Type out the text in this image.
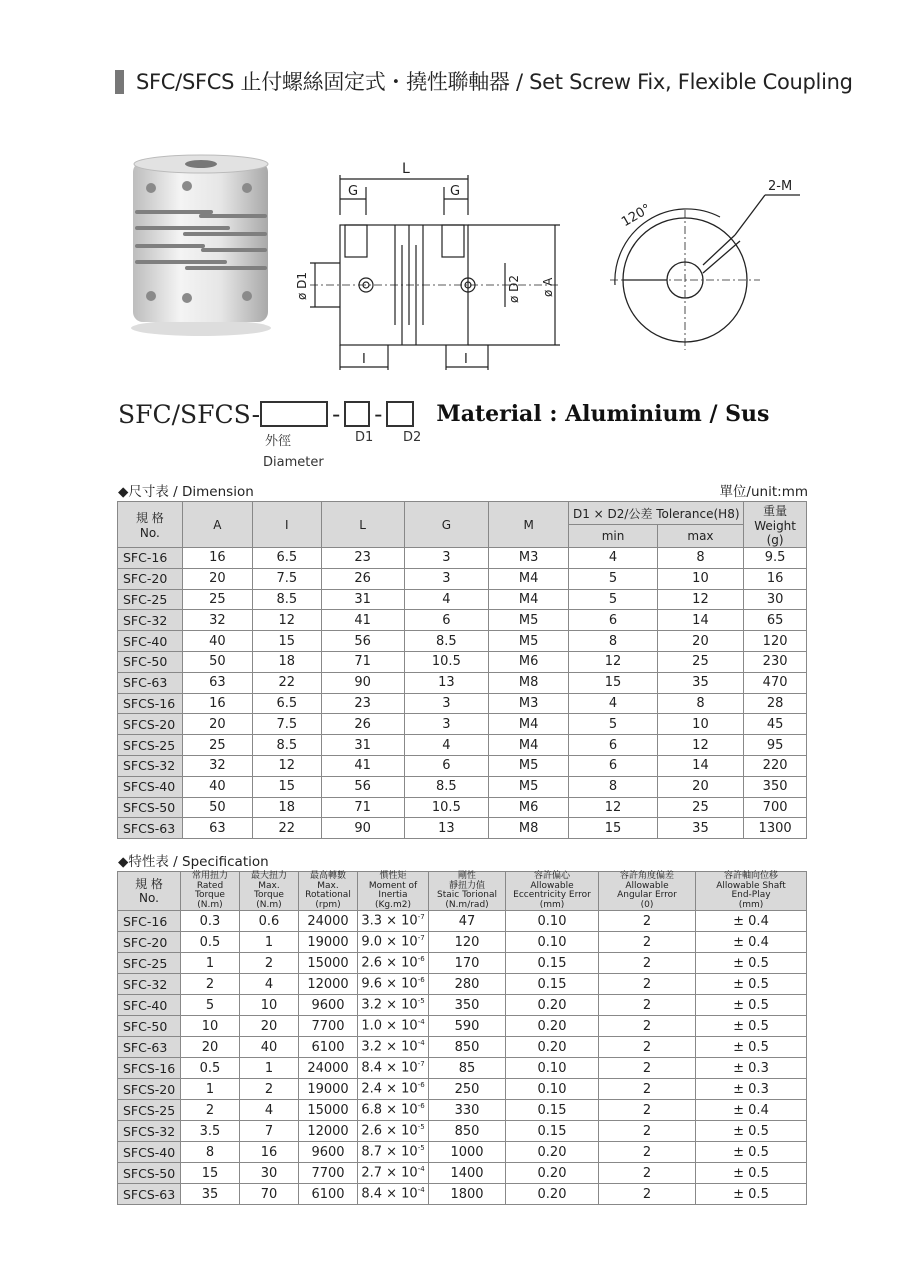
SFC/SFCS 止付螺絲固定式・撓性聯軸器 / Set Screw Fix, Flexible Coupling
L
G	G
ø D1	ø D2 ø A
I	I
120°
2-M
SFC/SFCS-	- - Material : Aluminium / Sus
外徑
Diameter
D1 D2
◆尺寸表 / Dimension	單位/unit:mm
規 格
No.	A	I	L	G	M	D1 × D2/公差 Tolerance(H8)		重量
Weight
(g)
						min	max	
SFC-16	16	6.5	23	3	M3	4	8	9.5
SFC-20	20	7.5	26	3	M4	5	10	16
SFC-25	25	8.5	31	4	M4	5	12	30
SFC-32	32	12	41	6	M5	6	14	65
SFC-40	40	15	56	8.5	M5	8	20	120
SFC-50	50	18	71	10.5	M6	12	25	230
SFC-63	63	22	90	13	M8	15	35	470
SFCS-16	16	6.5	23	3	M3	4	8	28
SFCS-20	20	7.5	26	3	M4	5	10	45
SFCS-25	25	8.5	31	4	M4	6	12	95
SFCS-32	32	12	41	6	M5	6	14	220
SFCS-40	40	15	56	8.5	M5	8	20	350
SFCS-50	50	18	71	10.5	M6	12	25	700
SFCS-63	63	22	90	13	M8	15	35	1300
◆特性表 / Specification
規 格
No.	常用扭力
Rated
Torque
(N.m)	最大扭力
Max.
Torque
(N.m)	最高轉數
Max.
Rotational
(rpm)	慣性矩
Moment of
Inertia
(Kg.m2)	剛性
靜扭力值
Staic Torional
(N.m/rad)	容許偏心
Allowable
Eccentricity Error
(mm)	容許角度偏差
Allowable
Angular Error
(0)	容許軸向位移
Allowable Shaft
End-Play
(mm)
SFC-16	0.3	0.6	24000	$3.3 \times 10^{-7}$	47	0.10	2	± 0.4
SFC-20	0.5	1	19000	$9.0 \times 10^{-7}$	120	0.10	2	± 0.4
SFC-25	1	2	15000	$2.6 \times 10^{-6}$	170	0.15	2	± 0.5
SFC-32	2	4	12000	$9.6 \times 10^{-6}$	280	0.15	2	± 0.5
SFC-40	5	10	9600	$3.2 \times 10^{-5}$	350	0.20	2	± 0.5
SFC-50	10	20	7700	$1.0 \times 10^{-4}$	590	0.20	2	± 0.5
SFC-63	20	40	6100	$3.2 \times 10^{-4}$	850	0.20	2	± 0.5
SFCS-16	0.5	1	24000	$8.4 \times 10^{-7}$	85	0.10	2	± 0.3
SFCS-20	1	2	19000	$2.4 \times 10^{-6}$	250	0.10	2	± 0.3
SFCS-25	2	4	15000	$6.8 \times 10^{-6}$	330	0.15	2	± 0.4
SFCS-32	3.5	7	12000	$2.6 \times 10^{-5}$	850	0.15	2	± 0.5
SFCS-40	8	16	9600	$8.7 \times 10^{-5}$	1000	0.20	2	± 0.5
SFCS-50	15	30	7700	$2.7 \times 10^{-4}$	1400	0.20	2	± 0.5
SFCS-63	35	70	6100	$8.4 \times 10^{-4}$	1800	0.20	2	± 0.5
